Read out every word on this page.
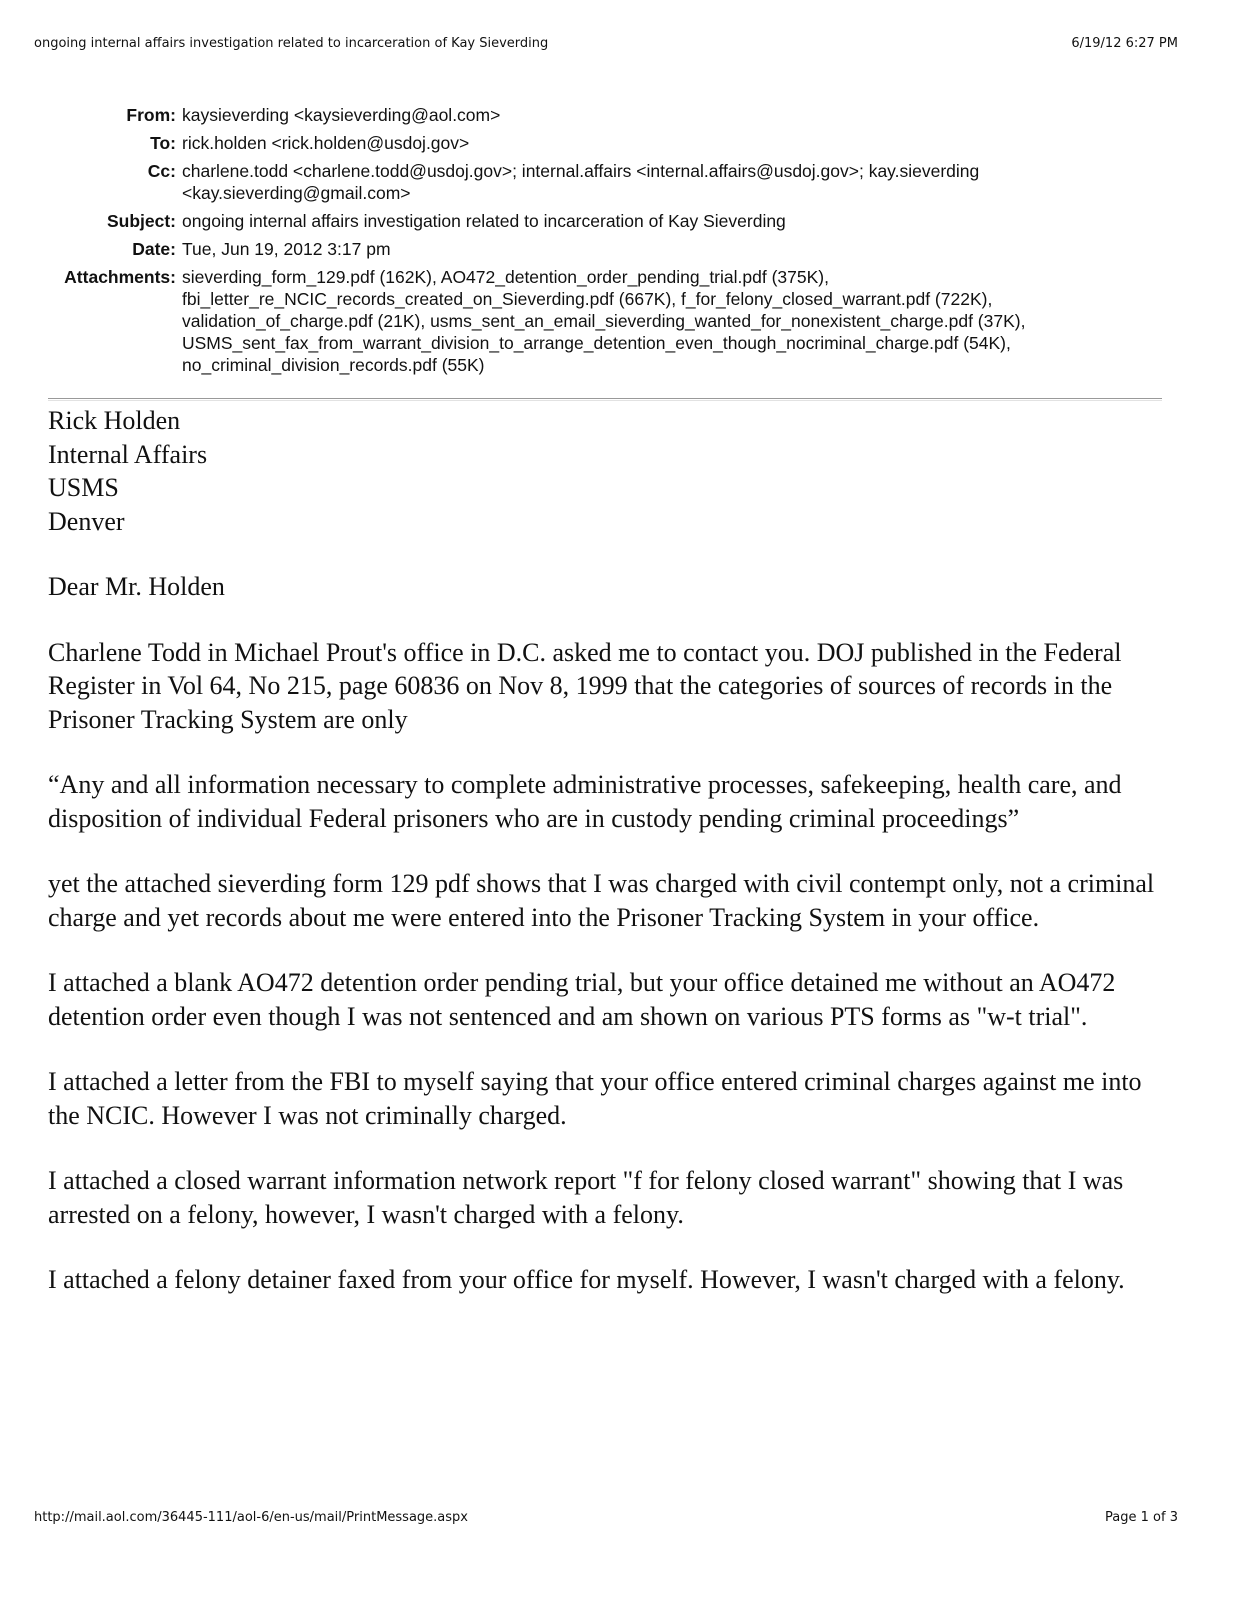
ongoing internal affairs investigation related to incarceration of Kay Sieverding	6/19/12 6:27 PM
From: kaysieverding <kaysieverding@aol.com>
To: rick.holden <rick.holden@usdoj.gov>
Cc: charlene.todd <charlene.todd@usdoj.gov>; internal.affairs <internal.affairs@usdoj.gov>; kay.sieverding
<kay.sieverding@gmail.com>
Subject: ongoing internal affairs investigation related to incarceration of Kay Sieverding
Date: Tue, Jun 19, 2012 3:17 pm
Attachments: sieverding_form_129.pdf (162K), AO472_detention_order_pending_trial.pdf (375K),
fbi_letter_re_NCIC_records_created_on_Sieverding.pdf (667K), f_for_felony_closed_warrant.pdf (722K),
validation_of_charge.pdf (21K), usms_sent_an_email_sieverding_wanted_for_nonexistent_charge.pdf (37K),
USMS_sent_fax_from_warrant_division_to_arrange_detention_even_though_nocriminal_charge.pdf (54K),
no_criminal_division_records.pdf (55K)
Rick Holden
Internal Affairs
USMS
Denver

Dear Mr. Holden

Charlene Todd in Michael Prout's office in D.C. asked me to contact you. DOJ published in the Federal Register in Vol 64, No 215, page 60836 on Nov 8, 1999 that the categories of sources of records in the Prisoner Tracking System are only

“Any and all information necessary to complete administrative processes, safekeeping, health care, and disposition of individual Federal prisoners who are in custody pending criminal proceedings”

yet the attached sieverding form 129 pdf shows that I was charged with civil contempt only, not a criminal charge and yet records about me were entered into the Prisoner Tracking System in your office.

I attached a blank AO472 detention order pending trial, but your office detained me without an AO472 detention order even though I was not sentenced and am shown on various PTS forms as "w-t trial".

I attached a letter from the FBI to myself saying that your office entered criminal charges against me into the NCIC. However I was not criminally charged.

I attached a closed warrant information network report "f for felony closed warrant" showing that I was arrested on a felony, however, I wasn't charged with a felony.

I attached a felony detainer faxed from your office for myself. However, I wasn't charged with a felony.

http://mail.aol.com/36445-111/aol-6/en-us/mail/PrintMessage.aspx	Page 1 of 3
